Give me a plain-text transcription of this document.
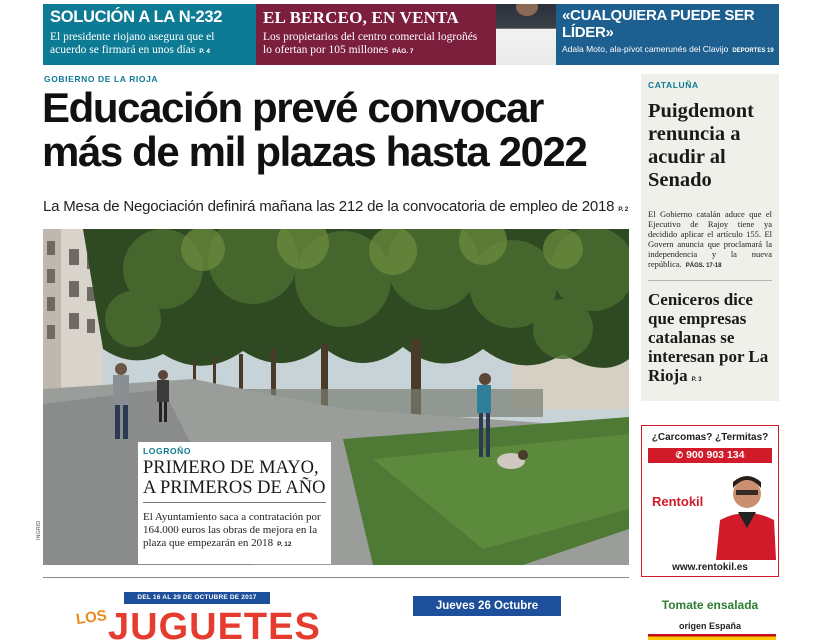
SOLUCIÓN A LA N-232
El presidente riojano asegura que el acuerdo se firmará en unos días P. 4
EL BERCEO, EN VENTA
Los propietarios del centro comercial logroñés lo ofertan por 105 millones PÁG. 7
«CUALQUIERA PUEDE SER LÍDER»
Adala Moto, ala-pívot camerunés del Clavijo DEPORTES 19
GOBIERNO DE LA RIOJA
Educación prevé convocar más de mil plazas hasta 2022
La Mesa de Negociación definirá mañana las 212 de la convocatoria de empleo de 2018 P. 2
INGRID
LOGROÑO
PRIMERO DE MAYO, A PRIMEROS DE AÑO
El Ayuntamiento saca a contratación por 164.000 euros las obras de mejora en la plaza que empezarán en 2018 P. 12
CATALUÑA
Puigdemont renuncia a acudir al Senado
El Gobierno catalán aduce que el Ejecutivo de Rajoy tiene ya decidido aplicar el artículo 155. El Govern anuncia que proclamará la independencia y la nueva república. PÁGS. 17-18
Ceniceros dice que empresas catalanas se interesan por La Rioja P. 3
¿Carcomas? ¿Termitas?
✆ 900 903 134
Rentokil
www.rentokil.es
DEL 16 AL 29 DE OCTUBRE DE 2017
LOS JUGUETES	Jueves 26 Octubre	Tomate ensalada
origen España
